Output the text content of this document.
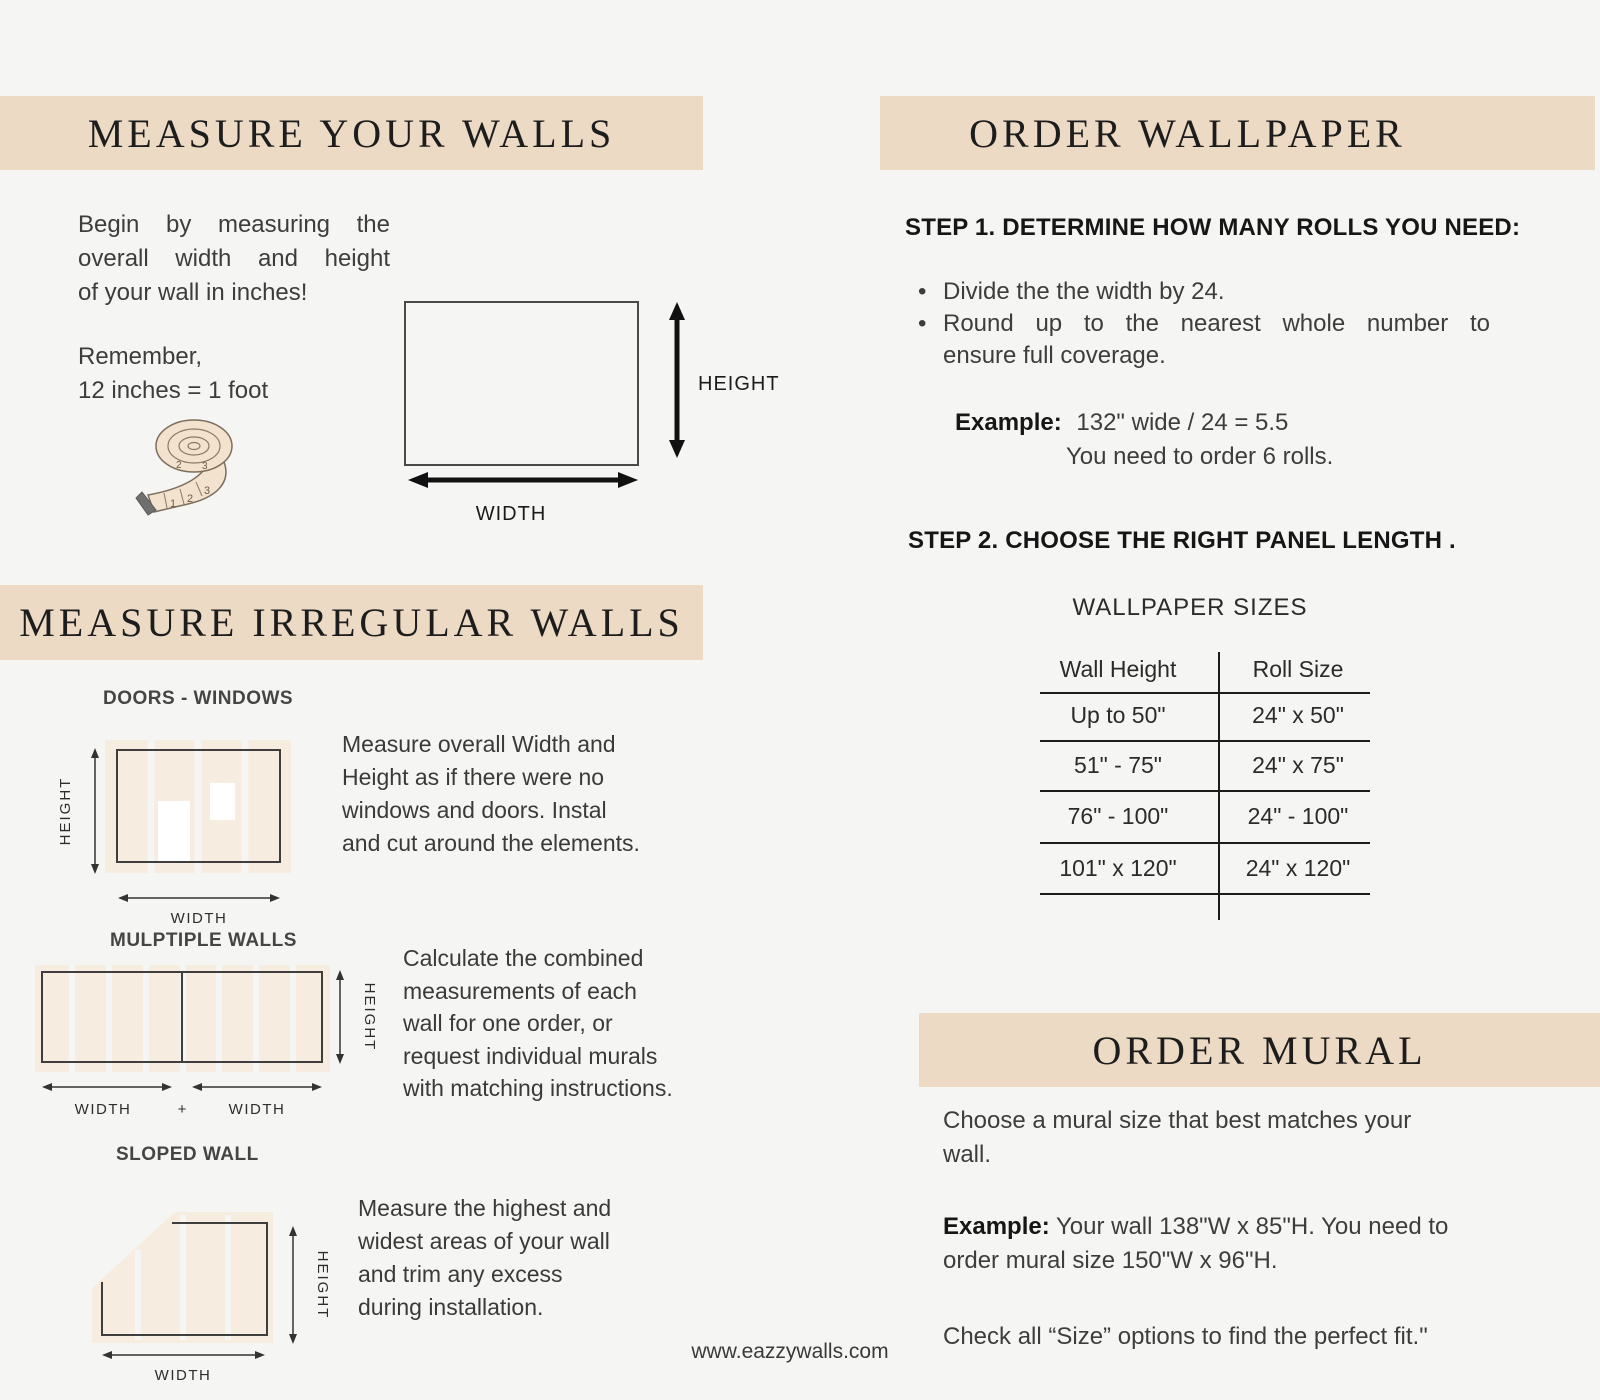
MEASURE YOUR WALLS
Begin by measuring the
overall width and height
of your wall in inches!
Remember,
12 inches = 1 foot
1 2
3
2 3
HEIGHT
WIDTH
MEASURE IRREGULAR WALLS
DOORS - WINDOWS
HEIGHT
WIDTH
Measure overall Width and
Height as if there were no
windows and doors. Instal
and cut around the elements.
MULPTIPLE WALLS
HEIGHT
WIDTH	+	WIDTH
Calculate the combined
measurements of each
wall for one order, or
request individual murals
with matching instructions.
SLOPED WALL
HEIGHT
WIDTH
Measure the highest and
widest areas of your wall
and trim any excess
during installation.
www.eazzywalls.com
ORDER WALLPAPER
STEP 1. DETERMINE HOW MANY ROLLS YOU NEED:
• Divide the the width by 24.
• Round up to the nearest whole number to
ensure full coverage.
Example: 132" wide / 24 = 5.5
You need to order 6 rolls.
STEP 2. CHOOSE THE RIGHT PANEL LENGTH .
WALLPAPER SIZES
Wall Height	Roll Size
Up to 50"	24" x 50"
51" - 75"	24" x 75"
76" - 100"	24" - 100"
101" x 120"	24" x 120"
ORDER MURAL
Choose a mural size that best matches your
wall.
Example: Your wall 138"W x 85"H. You need to
order mural size 150"W x 96"H.
Check all “Size” options to find the perfect fit."
